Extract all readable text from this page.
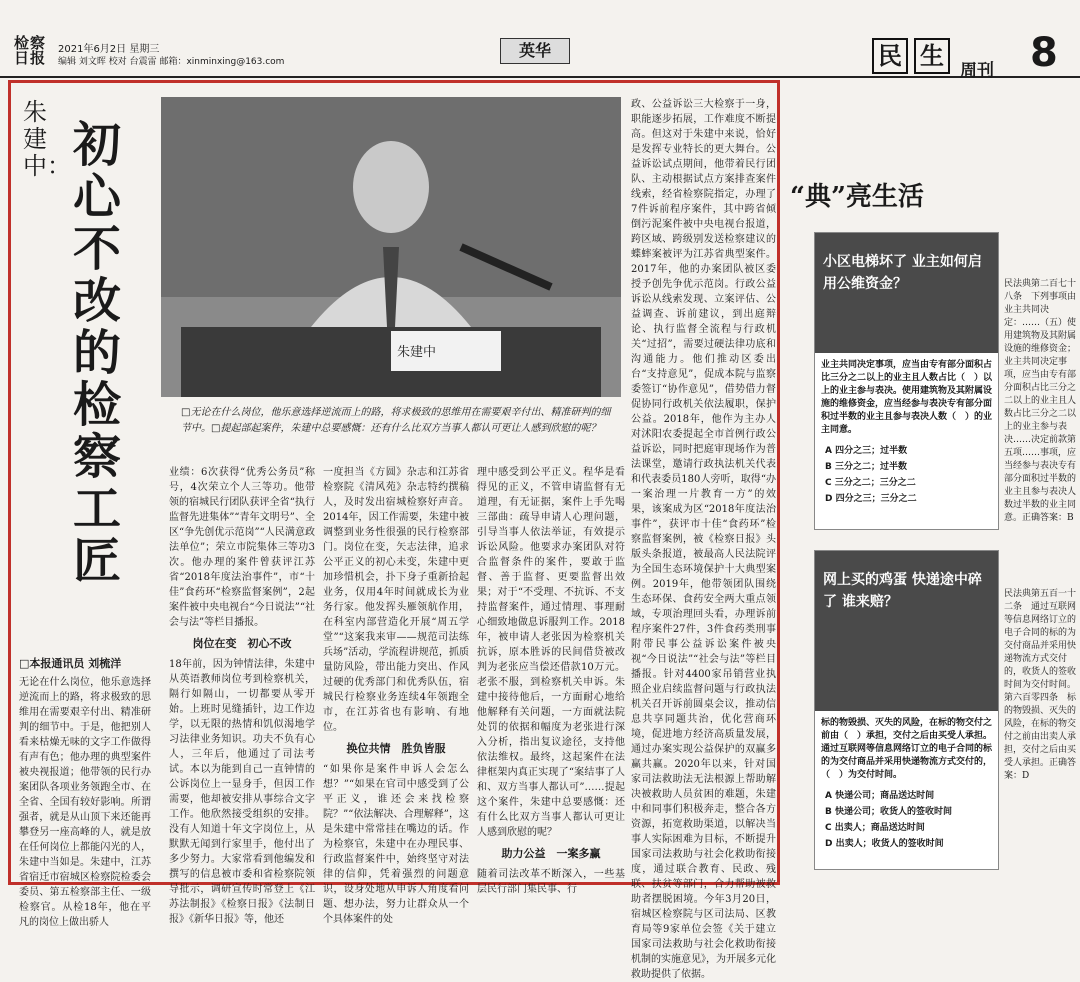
检察日报	2021年6月2日 星期三
编辑 刘文晖 校对 台震雷 邮箱：xinminxing@163.com
英华	民 生
周刊 8
朱建中： 初心不改的检察工匠
朱建中
□无论在什么岗位，他乐意选择逆流而上的路，将求极致的思维用在需要艰辛付出、精准研判的细节中。□提起部起案件，朱建中总要感慨：还有什么比双方当事人都认可更让人感到欣慰的呢？
□本报通讯员 刘梳洋
无论在什么岗位，他乐意选择逆流而上的路，将求极致的思维用在需要艰辛付出、精准研判的细节中。于是，他把别人看来枯燥无味的文字工作做得有声有色；他办理的典型案件被央视报道；他带领的民行办案团队各项业务领跑全市、在全省、全国有较好影响。所谓强者，就是从山顶下来还能再攀登另一座高峰的人，就是放在任何岗位上都能闪光的人，朱建中当如是。朱建中，江苏省宿迁市宿城区检察院检委会委员、第五检察部主任、一级检察官。从检18年，他在平凡的岗位上做出骄人
业绩：6次获得“优秀公务员”称号，4次荣立个人三等功。他带领的宿城民行团队获评全省“执行监督先进集体”“青年文明号”、全区“争先创优示范岗”“人民满意政法单位”；荣立市院集体三等功3次。他办理的案件曾获评江苏省“2018年度法治事件”，市“十佳”食药环“检察监督案例”，2起案件被中央电视台“今日说法”“社会与法”等栏目播报。
岗位在变　初心不改
18年前，因为钟情法律，朱建中从英语教师岗位考到检察机关，隔行如隔山，一切都要从零开始。上班时见缝插针，边工作边学，以无限的热情和饥似渴地学习法律业务知识。功夫不负有心人，三年后，他通过了司法考试。本以为能到自己一直钟情的公诉岗位上一显身手，但因工作需要，他却被安排从事综合文字工作。他欣然接受组织的安排。没有人知道十年文字岗位上，从默默无闻到行家里手，他付出了多少努力。大家常看到他编发和撰写的信息被市委和省检察院领导批示，调研宣传时常登上《江苏法制报》《检察日报》《法制日报》《新华日报》等，他还
一度担当《方圆》杂志和江苏省检察院《清风苑》杂志特约撰稿人，及时发出宿城检察好声音。2014年，因工作需要，朱建中被调整到业务性很强的民行检察部门。岗位在变，矢志法律，追求公平正义的初心未变，朱建中更加珍惜机会，扑下身子重新拾起业务，仅用4年时间就成长为业务行家。他发挥头雁领航作用，在科室内部营造化开展“周五学堂”“这案我来审——规范司法练兵场”活动，学流程讲规范，抓质量防风险，带出能力突出、作风过硬的优秀部门和优秀队伍，宿城民行检察业务连续4年领跑全市，在江苏省也有影响、有地位。
换位共情　胜负皆服
“如果你是案件申诉人会怎么想？”“如果在官司中感受到了公平正义，谁还会来找检察院？”“依法解决、合理解释”，这是朱建中常常挂在嘴边的话。作为检察官，朱建中在办理民事、行政监督案件中，始终坚守对法律的信仰，凭着强烈的问题意识，设身处地从申诉人角度看问题、想办法，努力让群众从一个个具体案件的处
理中感受到公平正义。程华是看得见的正义，不管申请监督有无道理，有无证据，案件上手先喝三部曲：疏导申请人心理问题，引导当事人依法举证，有效提示诉讼风险。他要求办案团队对符合监督条件的案件，要敢于监督、善于监督、更要监督出效果；对于“不受理、不抗诉、不支持监督案件，通过情理、事理耐心细致地做息诉服判工作。2018年，被申请人老张因为检察机关抗诉，原本胜诉的民间借贷被改判为老张应当偿还借款10万元。老张不服，到检察机关申诉。朱建中接待他后，一方面耐心地给他解释有关问题，一方面就法院处罚的依据和幅度为老张进行深入分析，指出复议途径，支持他依法维权。最终，这起案件在法律框架内真正实现了“案结事了人和、双方当事人都认可”……提起这个案件，朱建中总要感慨：还有什么比双方当事人都认可更让人感到欣慰的呢？
助力公益　一案多赢
随着司法改革不断深入，一些基层民行部门集民事、行
政、公益诉讼三大检察于一身，职能逐步拓展，工作难度不断提高。但这对于朱建中来说，恰好是发挥专业特长的更大舞台。公益诉讼试点期间，他带着民行团队、主动根据试点方案排查案件线索，经省检察院指定，办理了7件诉前程序案件，其中跨省倾倒污泥案件被中央电视台报道，跨区域、跨级别发送检察建议的蝶蟀案被评为江苏省典型案件。2017年，他的办案团队被区委授予创先争优示范岗。行政公益诉讼从线索发现、立案评估、公益调查、诉前建议，到出庭辩论、执行监督全流程与行政机关“过招”，需要过硬法律功底和沟通能力。他们推动区委出台“支持意见”，促成本院与监察委签订“协作意见”，借势借力督促协同行政机关依法履职，保护公益。2018年，他作为主办人对沭阳农委提起全市首例行政公益诉讼，同时把庭审现场作为普法课堂，邀请行政执法机关代表和代表委员180人旁听，取得“办一案治理一片教育一方”的效果，该案成为区“2018年度法治事件”，获评市十佳“食药环”检察监督案例，被《检察日报》头版头条报道，被最高人民法院评为全国生态环境保护十大典型案例。2019年，他带领团队围绕生态环保、食药安全两大重点领域，专项治理回头看，办理诉前程序案件27件，3件食药类刑事附带民事公益诉讼案件被央视“今日说法”“社会与法”等栏目播报。针对4400家吊销营业执照企业启续监督问题与行政执法机关召开诉前圆桌会议，推动信息共享同题共治，优化营商环境，促进地方经济高质量发展，通过办案实现公益保护的双赢多赢共赢。2020年以来，针对国家司法救助法无法根源上帮助解决被救助人员贫困的难题，朱建中和同事们积极奔走，整合各方资源，拓宽救助渠道，以解决当事人实际困难为目标，不断提升国家司法救助与社会化救助衔接度，通过联合教育、民政、残联、扶贫等部门，合力帮助被救助者摆脱困境。今年3月20日，宿城区检察院与区司法局、区教育局等9家单位会签《关于建立国家司法救助与社会化救助衔接机制的实施意见》，为开展多元化救助提供了依据。
“典”亮生活
小区电梯坏了 业主如何启用公维资金？
业主共同决定事项，应当由专有部分面积占比三分之二以上的业主且人数占比（　）以上的业主参与表决。使用建筑物及其附属设施的维修资金，应当经参与表决专有部分面积过半数的业主且参与表决人数（　）的业主同意。
A 四分之三；过半数
B 三分之二；过半数
C 三分之二；三分之二
D 四分之三；三分之二
民法典第二百七十八条　下列事项由业主共同决定：……（五）使用建筑物及其附属设施的维修资金；业主共同决定事项，应当由专有部分面积占比三分之二以上的业主且人数占比三分之二以上的业主参与表决……决定前款第五项……事项，应当经参与表决专有部分面积过半数的业主且参与表决人数过半数的业主同意。正确答案：B
网上买的鸡蛋 快递途中碎了 谁来赔？
标的物毁损、灭失的风险，在标的物交付之前由（　）承担，交付之后由买受人承担。通过互联网等信息网络订立的电子合同的标的为交付商品并采用快递物流方式交付的，（　）为交付时间。
A 快递公司；商品送达时间
B 快递公司；收货人的签收时间
C 出卖人；商品送达时间
D 出卖人；收货人的签收时间
民法典第五百一十二条　通过互联网等信息网络订立的电子合同的标的为交付商品并采用快递物流方式交付的，收货人的签收时间为交付时间。第六百零四条　标的物毁损、灭失的风险，在标的物交付之前由出卖人承担，交付之后由买受人承担。正确答案：D
